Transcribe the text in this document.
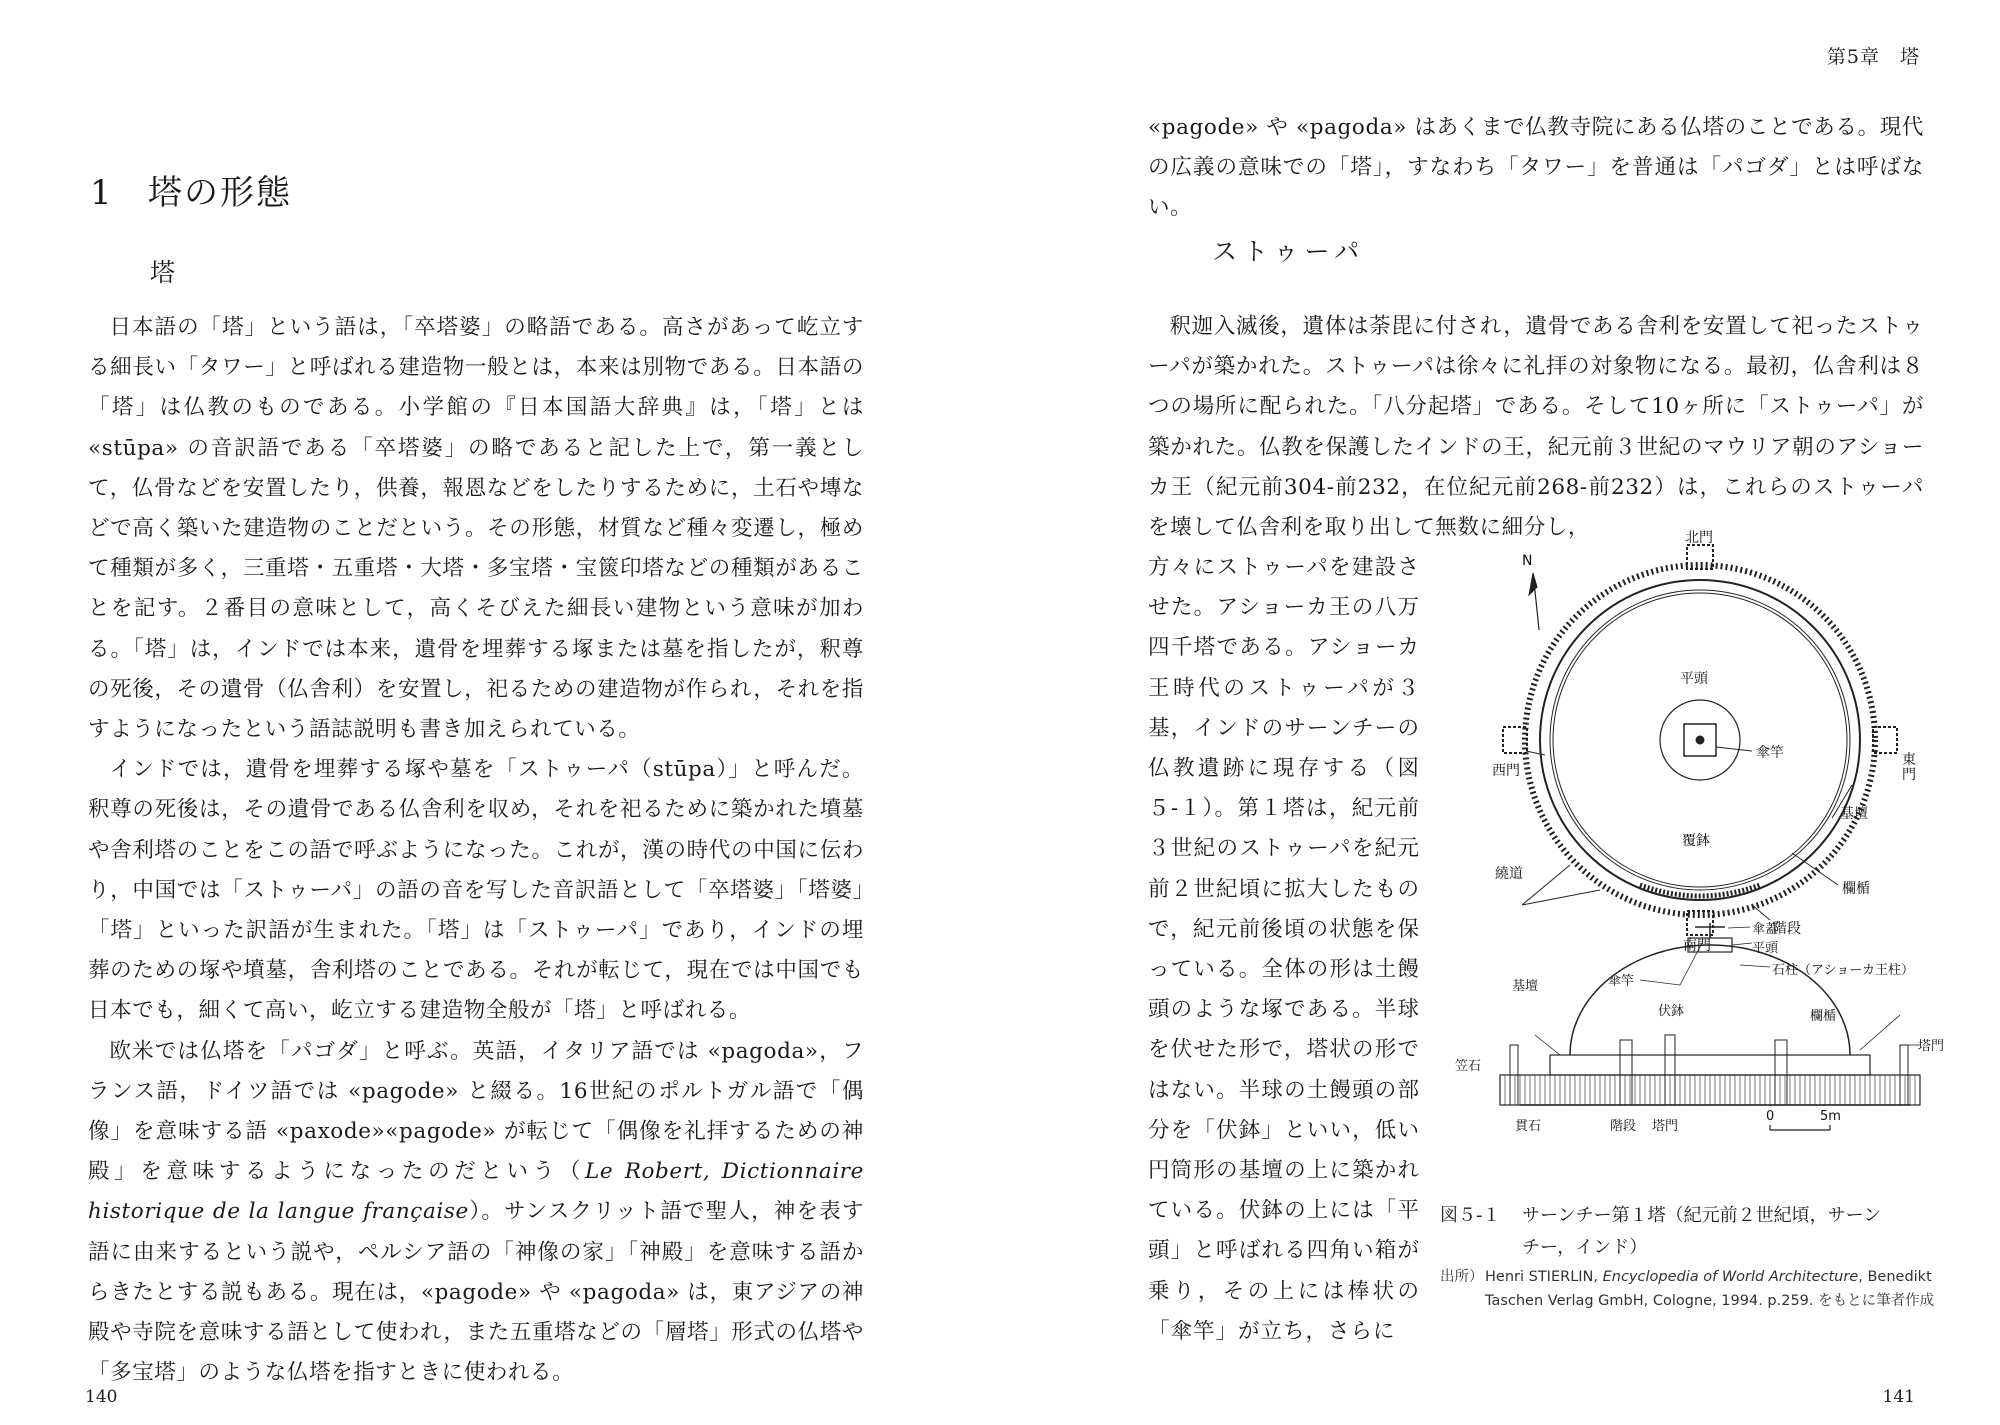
1 塔の形態
塔

日本語の「塔」という語は，「卒塔婆」の略語である。高さがあって屹立する細長い「タワー」と呼ばれる建造物一般とは，本来は別物である。日本語の「塔」は仏教のものである。小学館の『日本国語大辞典』は，「塔」とは «stūpa» の音訳語である「卒塔婆」の略であると記した上で，第一義として，仏骨などを安置したり，供養，報恩などをしたりするために，土石や塼などで高く築いた建造物のことだという。その形態，材質など種々変遷し，極めて種類が多く，三重塔・五重塔・大塔・多宝塔・宝篋印塔などの種類があることを記す。２番目の意味として，高くそびえた細長い建物という意味が加わる。「塔」は，インドでは本来，遺骨を埋葬する塚または墓を指したが，釈尊の死後，その遺骨（仏舎利）を安置し，祀るための建造物が作られ，それを指すようになったという語誌説明も書き加えられている。

インドでは，遺骨を埋葬する塚や墓を「ストゥーパ（stūpa）」と呼んだ。釈尊の死後は，その遺骨である仏舎利を収め，それを祀るために築かれた墳墓や舎利塔のことをこの語で呼ぶようになった。これが，漢の時代の中国に伝わり，中国では「ストゥーパ」の語の音を写した音訳語として「卒塔婆」「塔婆」「塔」といった訳語が生まれた。「塔」は「ストゥーパ」であり，インドの埋葬のための塚や墳墓，舎利塔のことである。それが転じて，現在では中国でも日本でも，細くて高い，屹立する建造物全般が「塔」と呼ばれる。

欧米では仏塔を「パゴダ」と呼ぶ。英語，イタリア語では «pagoda»，フランス語，ドイツ語では «pagode» と綴る。16世紀のポルトガル語で「偶像」を意味する語 «paxode»«pagode» が転じて「偶像を礼拝するための神殿」を意味するようになったのだという（Le Robert, Dictionnaire historique de la langue française）。サンスクリット語で聖人，神を表す語に由来するという説や，ペルシア語の「神像の家」「神殿」を意味する語からきたとする説もある。現在は，«pagode» や «pagoda» は，東アジアの神殿や寺院を意味する語として使われ，また五重塔などの「層塔」形式の仏塔や「多宝塔」のような仏塔を指すときに使われる。

140
第5章　塔

«pagode» や «pagoda» はあくまで仏教寺院にある仏塔のことである。現代の広義の意味での「塔」，すなわち「タワー」を普通は「パゴダ」とは呼ばない。

ストゥーパ

釈迦入滅後，遺体は荼毘に付され，遺骨である舎利を安置して祀ったストゥーパが築かれた。ストゥーパは徐々に礼拝の対象物になる。最初，仏舎利は８つの場所に配られた。「八分起塔」である。そして10ヶ所に「ストゥーパ」が築かれた。仏教を保護したインドの王，紀元前３世紀のマウリア朝のアショーカ王（紀元前304-前232，在位紀元前268-前232）は，これらのストゥーパを壊して仏舎利を取り出して無数に細分し，

方々にストゥーパを建設させた。アショーカ王の八万四千塔である。アショーカ王時代のストゥーパが３基，インドのサーンチーの仏教遺跡に現存する（図５-１）。第１塔は，紀元前３世紀のストゥーパを紀元前２世紀頃に拡大したもので，紀元前後頃の状態を保っている。全体の形は土饅頭のような塚である。半球を伏せた形で，塔状の形ではない。半球の土饅頭の部分を「伏鉢」といい，低い円筒形の基壇の上に築かれている。伏鉢の上には「平頭」と呼ばれる四角い箱が乗り，その上には棒状の「傘竿」が立ち，さらに
N
北門
平頭
傘竿
西門
東門
基壇
覆鉢
繞道
欄楯
階段
南門
傘竿
傘蓋
平頭
石柱（アショーカ王柱）
基壇
伏鉢	欄楯
塔門
笠石
貫石	階段 塔門
0	5m
図５-１ サーンチー第１塔（紀元前２世紀頃，サーン
チー，インド）
出所） Henri STIERLIN, Encyclopedia of World Architecture, Benedikt Taschen Verlag GmbH, Cologne, 1994. p.259. をもとに筆者作成
141
